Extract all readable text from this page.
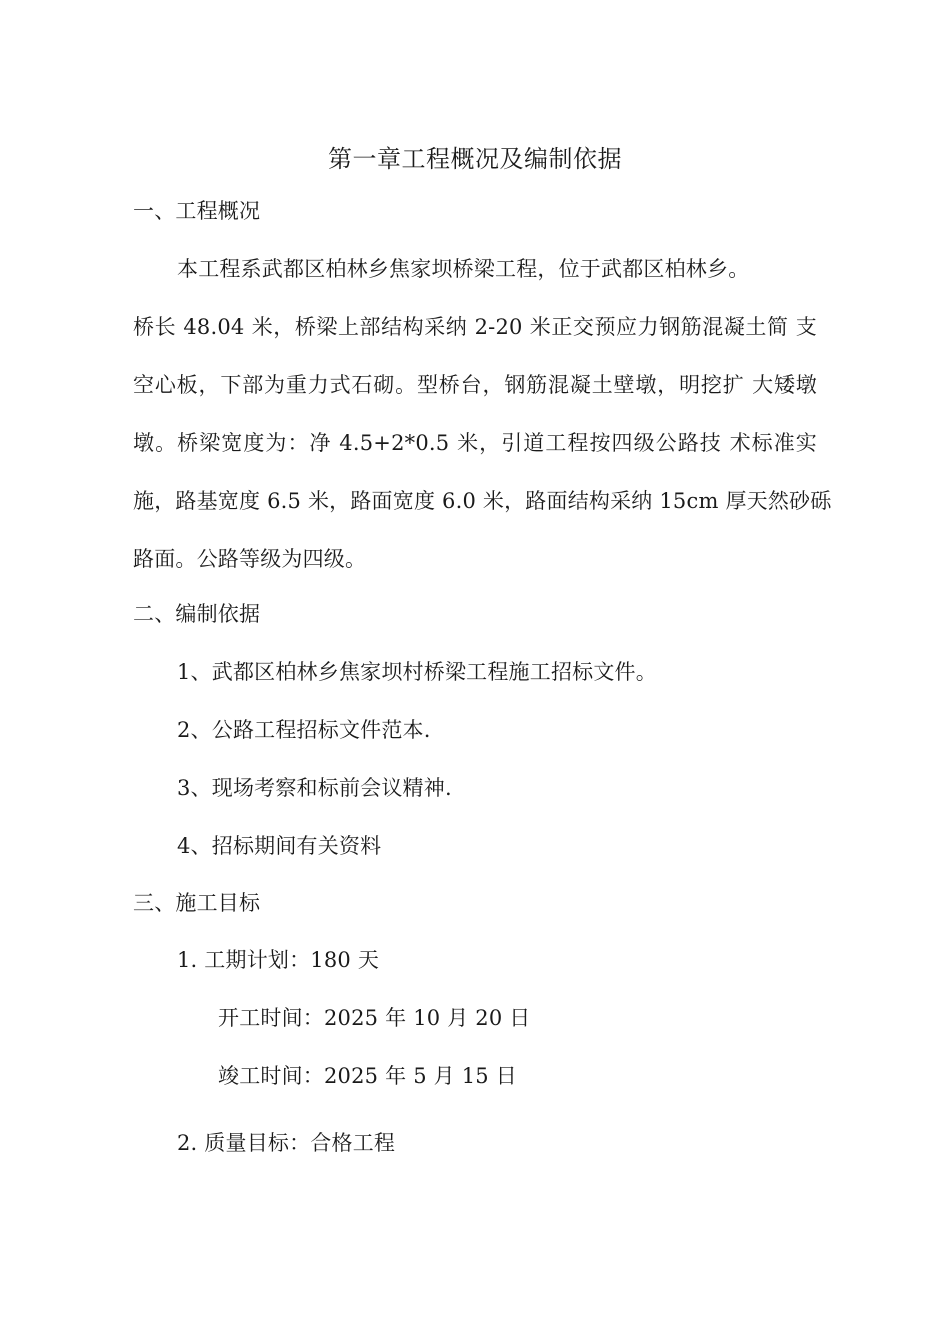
第一章工程概况及编制依据
一、工程概况
本工程系武都区柏林乡焦家坝桥梁工程，位于武都区柏林乡。
桥长 48.04 米，桥梁上部结构采纳 2-20 米正交预应力钢筋混凝土简 支
空心板，下部为重力式石砌。型桥台，钢筋混凝土壁墩，明挖扩 大矮墩
墩。桥梁宽度为：净 4.5+2*0.5 米，引道工程按四级公路技 术标准实
施，路基宽度 6.5 米，路面宽度 6.0 米，路面结构采纳 15cm 厚天然砂砾
路面。公路等级为四级。
二、编制依据
1、武都区柏林乡焦家坝村桥梁工程施工招标文件。
2、公路工程招标文件范本.
3、现场考察和标前会议精神.
4、招标期间有关资料
三、施工目标
1. 工期计划：180 天
开工时间：2025 年 10 月 20 日
竣工时间：2025 年 5 月 15 日
2. 质量目标：合格工程
